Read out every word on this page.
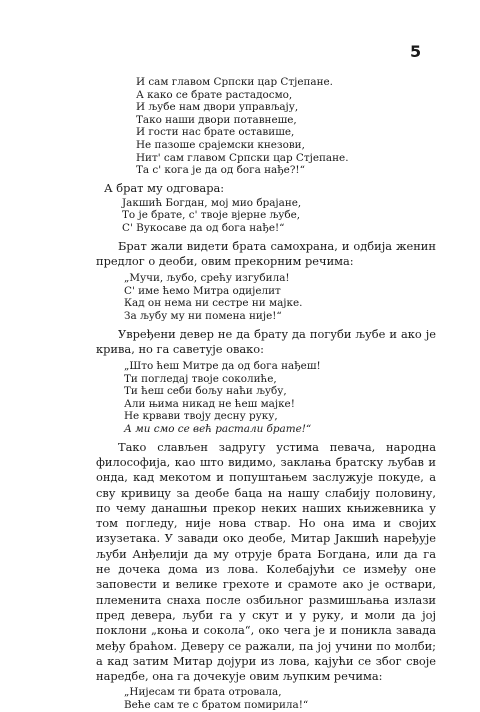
5
И сам главом Српски цар Стјепане.
А како се брате растадосмо,
И љубе нам двори управљају,
Тако наши двори потавнеше,
И гости нас брате оставише,
Не пазоше срајемски кнезови,
Нит' сам главом Српски цар Стјепане.
Та с' кога је да од бога нађе?!“
А брат му одговара:
Јакшић Богдан, мој мио брајане,
То је брате, с' твоје вјерне љубе,
С' Вукосаве да од бога нађе!“

Брат жали видети брата самохрана, и одбија женин предлог о деоби, овим прекорним речима:

„Мучи, љубо, срећу изгубила!
С' име ћемо Митра одијелит
Кад он нема ни сестре ни мајке.
За љубу му ни помена није!“

Увређени девер не да брату да погуби љубе и ако је крива, но га саветује овако:

„Што ћеш Митре да од бога нађеш!
Ти погледај твоје соколиће,
Ти ћеш себи бољу наћи љубу,
Али њима никад не ћеш мајке!
Не крвави твоју десну руку,
А ми смо се већ растали брате!“

Тако слављен задругу устима певача, народна философија, као што видимо, заклања братску љубав и онда, кад мекотом и попуштањем заслужује покуде, а сву кривицу за деобе баца на нашу слабију половину, по чему данашњи прекор неких наших књижевника у том погледу, није нова ствар. Но она има и својих изузетака. У завади око деобе, Митар Јакшић наређује љуби Анђелији да му отрује брата Богдана, или да га не дочека дома из лова. Колебајући се између оне заповести и велике грехоте и срамоте ако је оствари, племенита снаха после озбиљног размишљања излази пред девера, љуби га у скут и у руку, и моли да јој поклони „коња и сокола“, око чега је и поникла завада међу браћом. Деверу се ражали, па јој учини по молби; а кад затим Митар дојури из лова, кајући се због своје наредбе, она га дочекује овим љупким речима:

„Нијесам ти брата отровала,
Веће сам те с братом помирила!“
